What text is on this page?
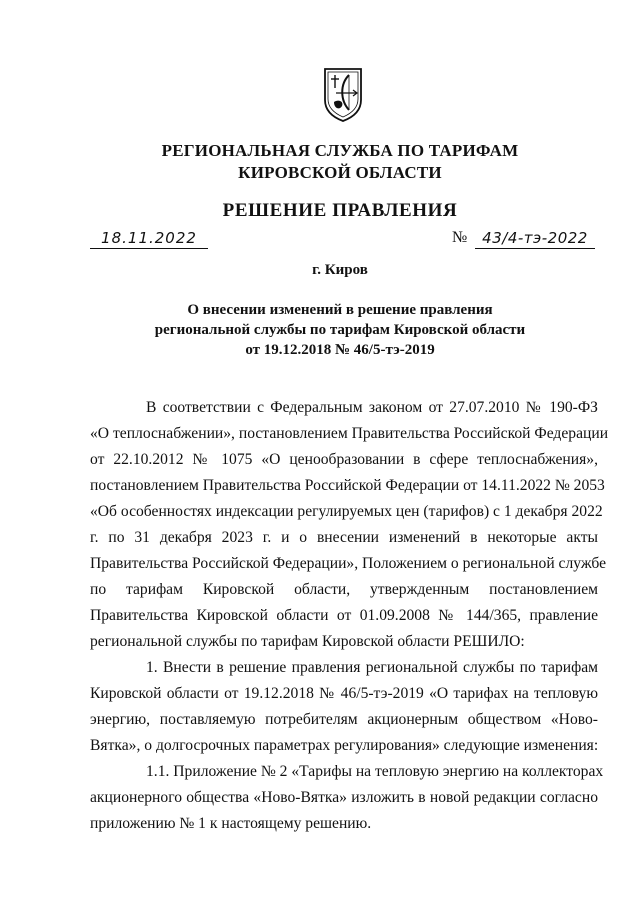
РЕГИОНАЛЬНАЯ СЛУЖБА ПО ТАРИФАМ
КИРОВСКОЙ ОБЛАСТИ
РЕШЕНИЕ ПРАВЛЕНИЯ
18.11.2022	№ 43/4-тэ-2022
г. Киров
О внесении изменений в решение правления
региональной службы по тарифам Кировской области
от 19.12.2018 № 46/5-тэ-2019
В соответствии с Федеральным законом от 27.07.2010 № 190-ФЗ
«О теплоснабжении», постановлением Правительства Российской Федерации
от 22.10.2012 № 1075 «О ценообразовании в сфере теплоснабжения»,
постановлением Правительства Российской Федерации от 14.11.2022 № 2053
«Об особенностях индексации регулируемых цен (тарифов) с 1 декабря 2022
г. по 31 декабря 2023 г. и о внесении изменений в некоторые акты
Правительства Российской Федерации», Положением о региональной службе
по тарифам Кировской области, утвержденным постановлением
Правительства Кировской области от 01.09.2008 № 144/365, правление
региональной службы по тарифам Кировской области РЕШИЛО:
1. Внести в решение правления региональной службы по тарифам
Кировской области от 19.12.2018 № 46/5-тэ-2019 «О тарифах на тепловую
энергию, поставляемую потребителям акционерным обществом «Ново-
Вятка», о долгосрочных параметрах регулирования» следующие изменения:
1.1. Приложение № 2 «Тарифы на тепловую энергию на коллекторах
акционерного общества «Ново-Вятка» изложить в новой редакции согласно
приложению № 1 к настоящему решению.
